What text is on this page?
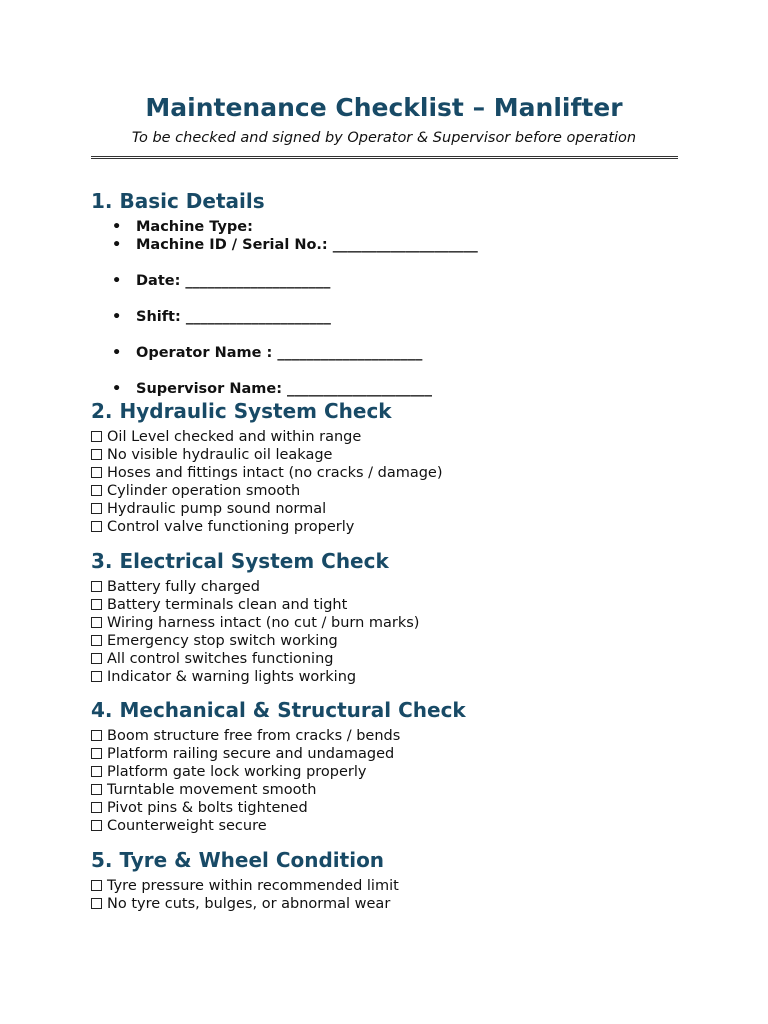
Maintenance Checklist – Manlifter
To be checked and signed by Operator & Supervisor before operation
1. Basic Details
• Machine Type:
• Machine ID / Serial No.: ____________________
• Date: ____________________
• Shift: ____________________
• Operator Name : ____________________
• Supervisor Name: ____________________
2. Hydraulic System Check
Oil Level checked and within range
No visible hydraulic oil leakage
Hoses and fittings intact (no cracks / damage)
Cylinder operation smooth
Hydraulic pump sound normal
Control valve functioning properly
3. Electrical System Check
Battery fully charged
Battery terminals clean and tight
Wiring harness intact (no cut / burn marks)
Emergency stop switch working
All control switches functioning
Indicator & warning lights working
4. Mechanical & Structural Check
Boom structure free from cracks / bends
Platform railing secure and undamaged
Platform gate lock working properly
Turntable movement smooth
Pivot pins & bolts tightened
Counterweight secure
5. Tyre & Wheel Condition
Tyre pressure within recommended limit
No tyre cuts, bulges, or abnormal wear
